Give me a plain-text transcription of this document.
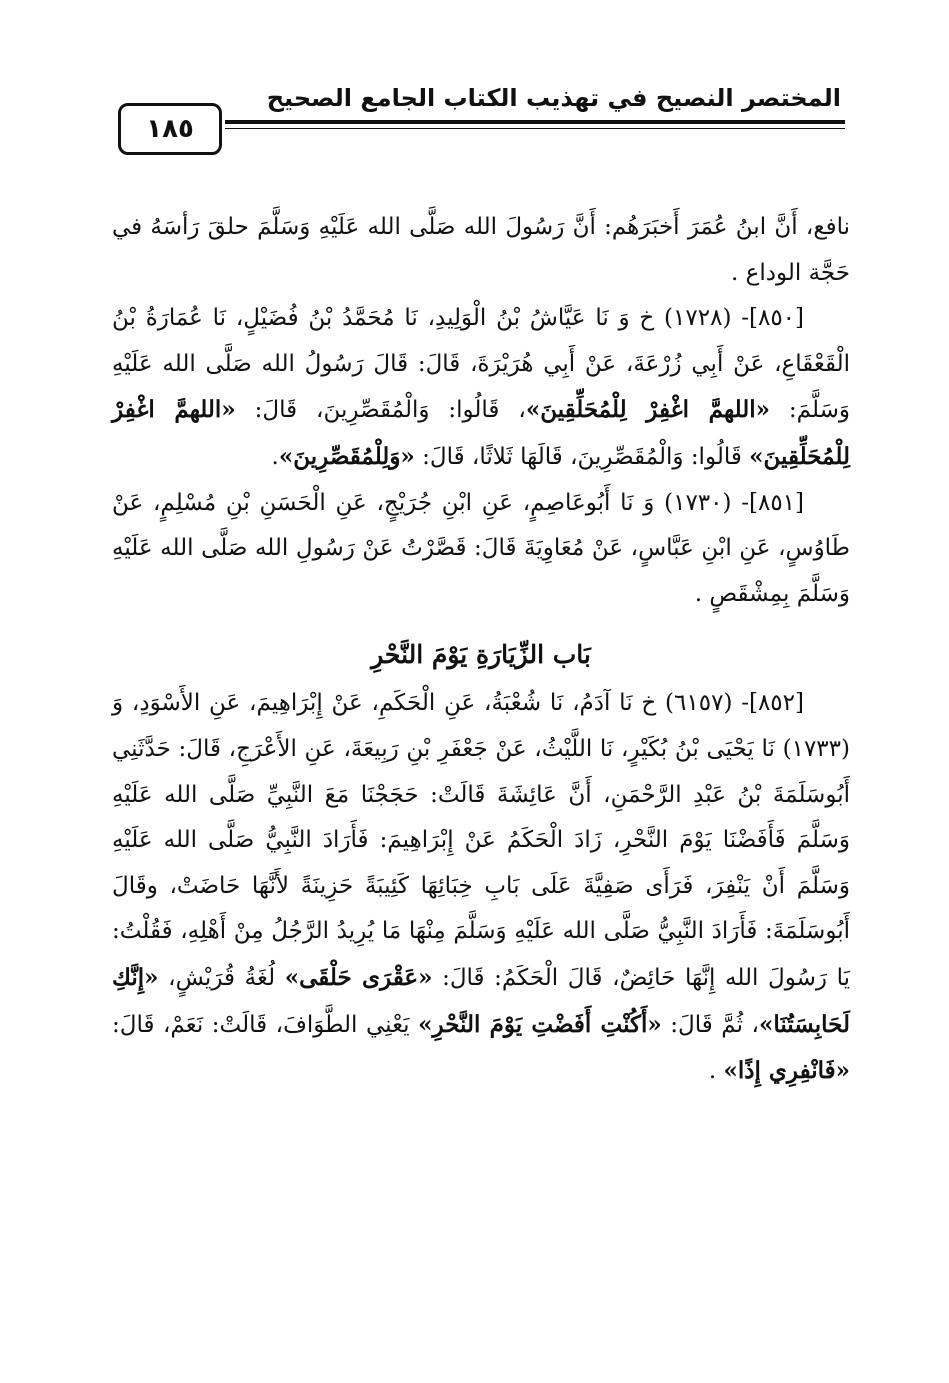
المختصر النصيح في تهذيب الكتاب الجامع الصحيح
١٨٥

نافع، أَنَّ ابنُ عُمَرَ أَخبَرَهُم: أَنَّ رَسُولَ الله صَلَّى الله عَلَيْهِ وَسَلَّمَ حلقَ رَأسَهُ في حَجَّة الوداع .

[٨٥٠]- (١٧٢٨) خ وَ نَا عَيَّاشُ بْنُ الْوَلِيدِ، نَا مُحَمَّدُ بْنُ فُضَيْلٍ، نَا عُمَارَةُ بْنُ الْقَعْقَاعِ، عَنْ أَبِي زُرْعَةَ، عَنْ أَبِي هُرَيْرَةَ، قَالَ: قَالَ رَسُولُ الله صَلَّى الله عَلَيْهِ وَسَلَّمَ: «اللهمَّ اغْفِرْ لِلْمُحَلِّقِينَ»، قَالُوا: وَالْمُقَصِّرِينَ، قَالَ: «اللهمَّ اغْفِرْ لِلْمُحَلِّقِينَ» قَالُوا: وَالْمُقَصِّرِينَ، قَالَهَا ثَلاثًا، قَالَ: «وَلِلْمُقَصِّرِينَ».

[٨٥١]- (١٧٣٠) وَ نَا أَبُوعَاصِمٍ، عَنِ ابْنِ جُرَيْجٍ، عَنِ الْحَسَنِ بْنِ مُسْلِمٍ، عَنْ طَاوُسٍ، عَنِ ابْنِ عَبَّاسٍ، عَنْ مُعَاوِيَةَ قَالَ: قَصَّرْتُ عَنْ رَسُولِ الله صَلَّى الله عَلَيْهِ وَسَلَّمَ بِمِشْقَصٍ .

بَاب الزِّيَارَةِ يَوْمَ النَّحْرِ

[٨٥٢]- (٦١٥٧) خ نَا آدَمُ، نَا شُعْبَةُ، عَنِ الْحَكَمِ، عَنْ إِبْرَاهِيمَ، عَنِ الأَسْوَدِ، وَ (١٧٣٣) نَا يَحْيَى بْنُ بُكَيْرٍ، نَا اللَّيْثُ، عَنْ جَعْفَرِ بْنِ رَبِيعَةَ، عَنِ الأَعْرَجِ، قَالَ: حَدَّثَنِي أَبُوسَلَمَةَ بْنُ عَبْدِ الرَّحْمَنِ، أَنَّ عَائِشَةَ قَالَتْ: حَجَجْنَا مَعَ النَّبِيِّ صَلَّى الله عَلَيْهِ وَسَلَّمَ فَأَفَضْنَا يَوْمَ النَّحْرِ، زَادَ الْحَكَمُ عَنْ إِبْرَاهِيمَ: فَأَرَادَ النَّبِيُّ صَلَّى الله عَلَيْهِ وَسَلَّمَ أَنْ يَنْفِرَ، فَرَأَى صَفِيَّةَ عَلَى بَابِ خِبَائِهَا كَئِيبَةً حَزِينَةً لأَنَّهَا حَاضَتْ، وقَالَ أَبُوسَلَمَةَ: فَأَرَادَ النَّبِيُّ صَلَّى الله عَلَيْهِ وَسَلَّمَ مِنْهَا مَا يُرِيدُ الرَّجُلُ مِنْ أَهْلِهِ، فَقُلْتُ: يَا رَسُولَ الله إِنَّهَا حَائِضٌ، قَالَ الْحَكَمُ: قَالَ: «عَقْرَى حَلْقَى» لُغَةُ قُرَيْشٍ، «إِنَّكِ لَحَابِسَتُنَا»، ثُمَّ قَالَ: «أَكُنْتِ أَفَضْتِ يَوْمَ النَّحْرِ» يَعْنِي الطَّوَافَ، قَالَتْ: نَعَمْ، قَالَ: «فَانْفِرِي إِذًا» .
